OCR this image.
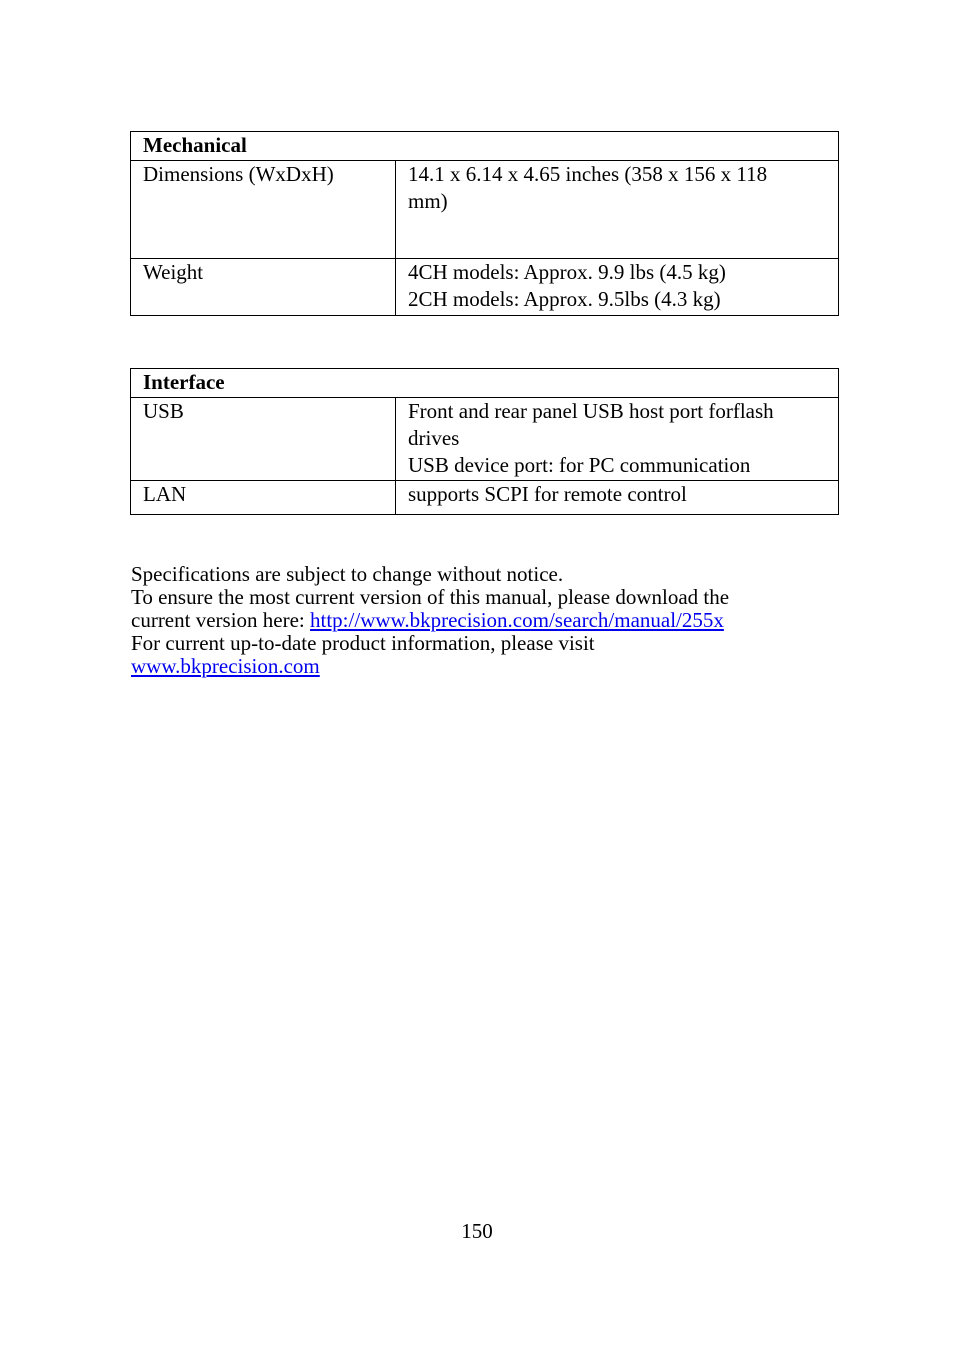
Mechanical	
Dimensions (WxDxH)	14.1 x 6.14 x 4.65 inches (358 x 156 x 118
mm)

Weight	4CH models: Approx. 9.9 lbs (4.5 kg)
2CH models: Approx. 9.5lbs (4.3 kg)
Interface	
USB	Front and rear panel USB host port forflash
drives
USB device port: for PC communication

LAN	supports SCPI for remote control
Specifications are subject to change without notice.
To ensure the most current version of this manual, please download the
current version here: http://www.bkprecision.com/search/manual/255x
For current up-to-date product information, please visit
www.bkprecision.com
150
